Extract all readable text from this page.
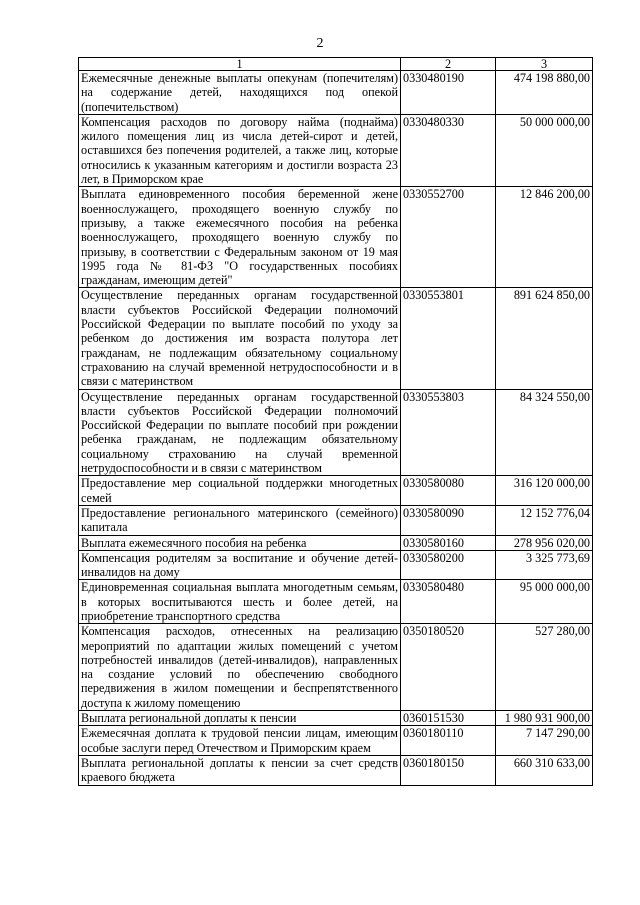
2
1	2	3
Ежемесячные денежные выплаты опекунам (попечителям) на содержание детей, находящихся под опекой (попечительством)	0330480190	474 198 880,00
Компенсация расходов по договору найма (поднайма) жилого помещения лиц из числа детей-сирот и детей, оставшихся без попечения родителей, а также лиц, которые относились к указанным категориям и достигли возраста 23 лет, в Приморском крае	0330480330	50 000 000,00
Выплата единовременного пособия беременной жене военнослужащего, проходящего военную службу по призыву, а также ежемесячного пособия на ребенка военнослужащего, проходящего военную службу по призыву, в соответствии с Федеральным законом от 19 мая 1995 года № 81-ФЗ "О государственных пособиях гражданам, имеющим детей"	0330552700	12 846 200,00
Осуществление переданных органам государственной власти субъектов Российской Федерации полномочий Российской Федерации по выплате пособий по уходу за ребенком до достижения им возраста полутора лет гражданам, не подлежащим обязательному социальному страхованию на случай временной нетрудоспособности и в связи с материнством	0330553801	891 624 850,00
Осуществление переданных органам государственной власти субъектов Российской Федерации полномочий Российской Федерации по выплате пособий при рождении ребенка гражданам, не подлежащим обязательному социальному страхованию на случай временной нетрудоспособности и в связи с материнством	0330553803	84 324 550,00
Предоставление мер социальной поддержки многодетных семей	0330580080	316 120 000,00
Предоставление регионального материнского (семейного) капитала	0330580090	12 152 776,04
Выплата ежемесячного пособия на ребенка	0330580160	278 956 020,00
Компенсация родителям за воспитание и обучение детей-инвалидов на дому	0330580200	3 325 773,69
Единовременная социальная выплата многодетным семьям, в которых воспитываются шесть и более детей, на приобретение транспортного средства	0330580480	95 000 000,00
Компенсация расходов, отнесенных на реализацию мероприятий по адаптации жилых помещений с учетом потребностей инвалидов (детей-инвалидов), направленных на создание условий по обеспечению свободного передвижения в жилом помещении и беспрепятственного доступа к жилому помещению	0350180520	527 280,00
Выплата региональной доплаты к пенсии	0360151530	1 980 931 900,00
Ежемесячная доплата к трудовой пенсии лицам, имеющим особые заслуги перед Отечеством и Приморским краем	0360180110	7 147 290,00
Выплата региональной доплаты к пенсии за счет средств краевого бюджета	0360180150	660 310 633,00
